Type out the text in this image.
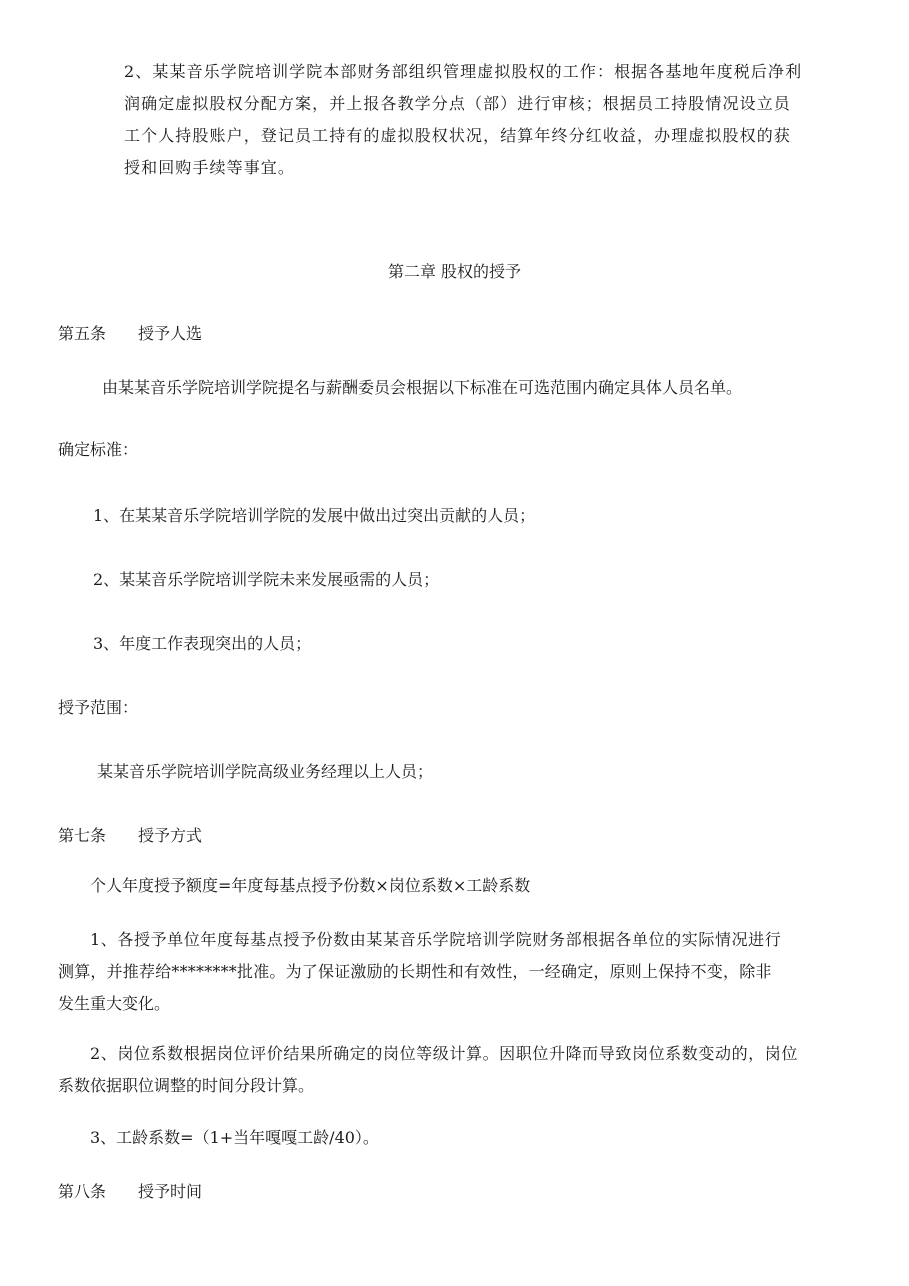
2、某某音乐学院培训学院本部财务部组织管理虚拟股权的工作：根据各基地年度税后净利
润确定虚拟股权分配方案，并上报各教学分点（部）进行审核；根据员工持股情况设立员
工个人持股账户，登记员工持有的虚拟股权状况，结算年终分红收益，办理虚拟股权的获
授和回购手续等事宜。
第二章 股权的授予
第五条 授予人选
由某某音乐学院培训学院提名与薪酬委员会根据以下标准在可选范围内确定具体人员名单。
确定标准：
1、在某某音乐学院培训学院的发展中做出过突出贡献的人员；
2、某某音乐学院培训学院未来发展亟需的人员；
3、年度工作表现突出的人员；
授予范围：
某某音乐学院培训学院高级业务经理以上人员；
第七条 授予方式
个人年度授予额度=年度每基点授予份数×岗位系数×工龄系数
1、各授予单位年度每基点授予份数由某某音乐学院培训学院财务部根据各单位的实际情况进行
测算，并推荐给********批准。为了保证激励的长期性和有效性，一经确定，原则上保持不变，除非
发生重大变化。
2、岗位系数根据岗位评价结果所确定的岗位等级计算。因职位升降而导致岗位系数变动的，岗位
系数依据职位调整的时间分段计算。
3、工龄系数=（1+当年嘎嘎工龄/40）。
第八条 授予时间
